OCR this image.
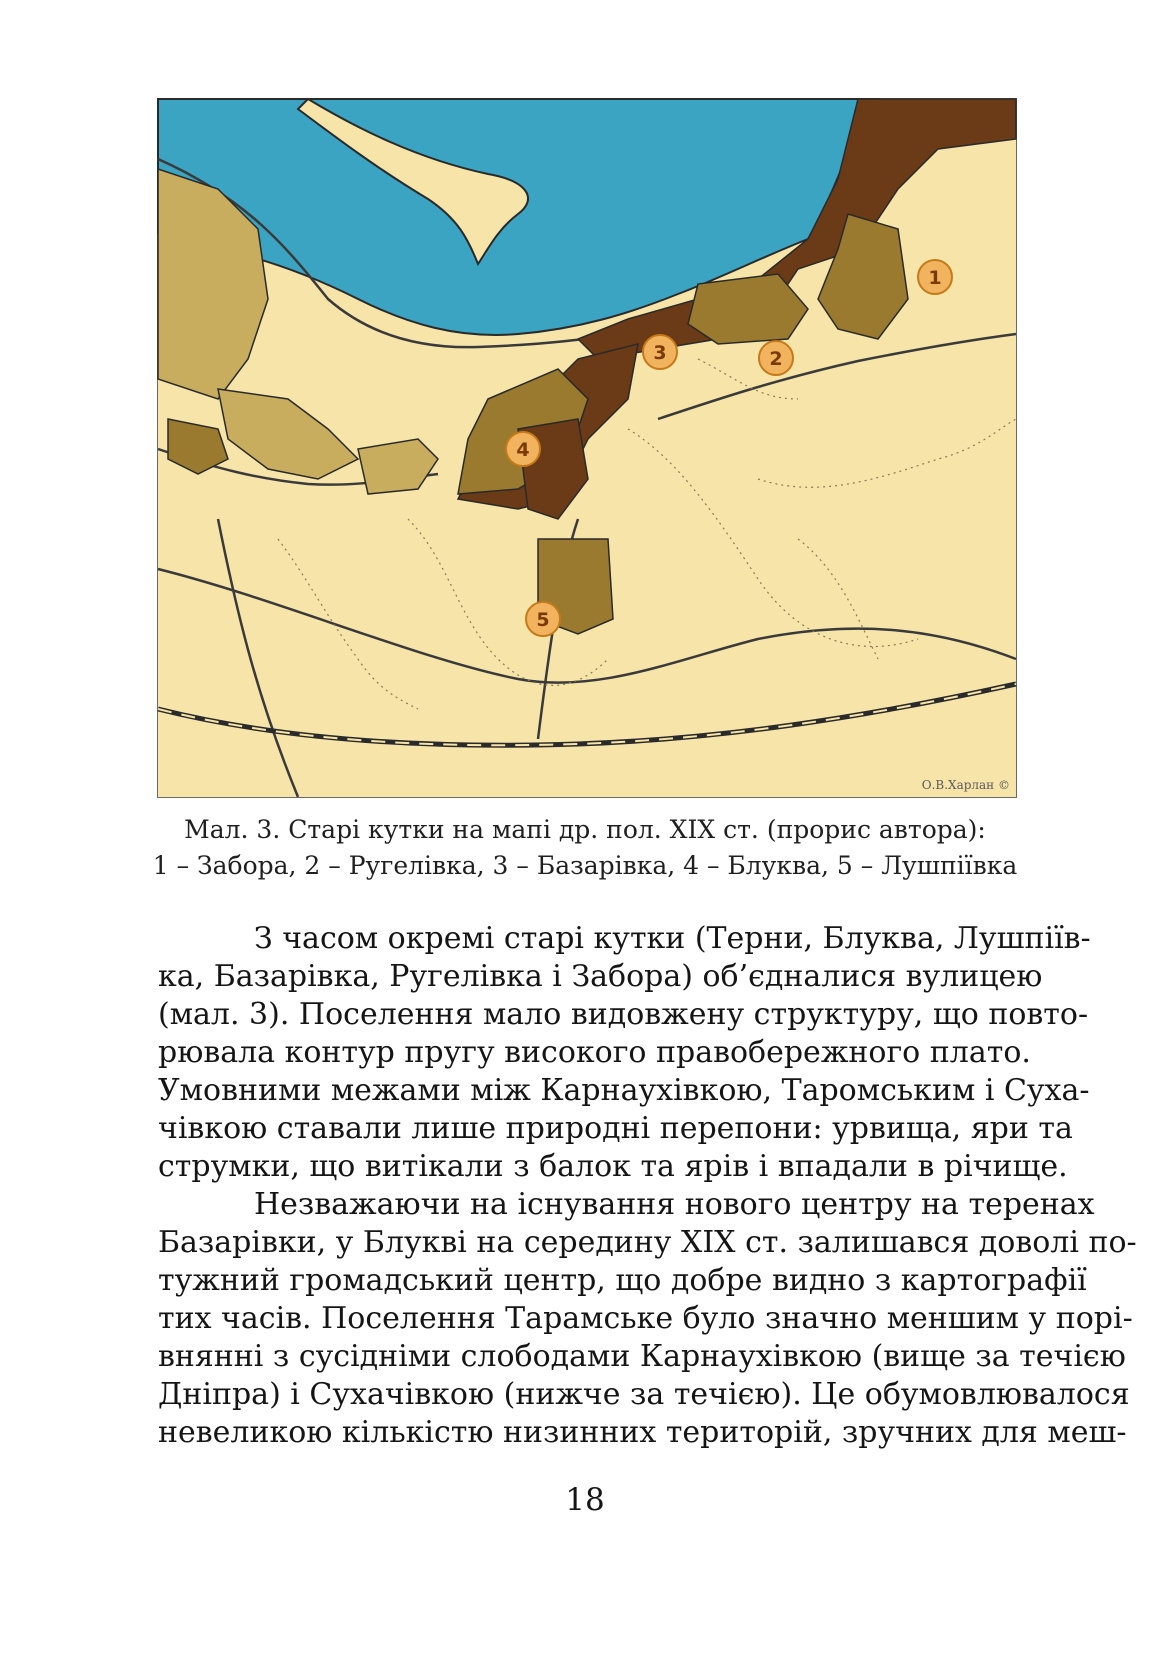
1
2
3
4
5
О.В.Харлан ©
Мал. 3. Старі кутки на мапі др. пол. XIX ст. (прорис автора):
1 – Забора, 2 – Ругелівка, 3 – Базарівка, 4 – Блуква, 5 – Лушпіївка
З часом окремі старі кутки (Терни, Блуква, Лушпіїв-
ка, Базарівка, Ругелівка і Забора) об’єдналися вулицею
(мал. 3). Поселення мало видовжену структуру, що повто-
рювала контур пругу високого правобережного плато.
Умовними межами між Карнаухівкою, Таромським і Суха-
чівкою ставали лише природні перепони: урвища, яри та
струмки, що витікали з балок та ярів і впадали в річище.
Незважаючи на існування нового центру на теренах
Базарівки, у Блукві на середину XIX ст. залишався доволі по-
тужний громадський центр, що добре видно з картографії
тих часів. Поселення Тарамське було значно меншим у порі-
внянні з сусідніми слободами Карнаухівкою (вище за течією
Дніпра) і Сухачівкою (нижче за течією). Це обумовлювалося
невеликою кількістю низинних територій, зручних для меш-
18
